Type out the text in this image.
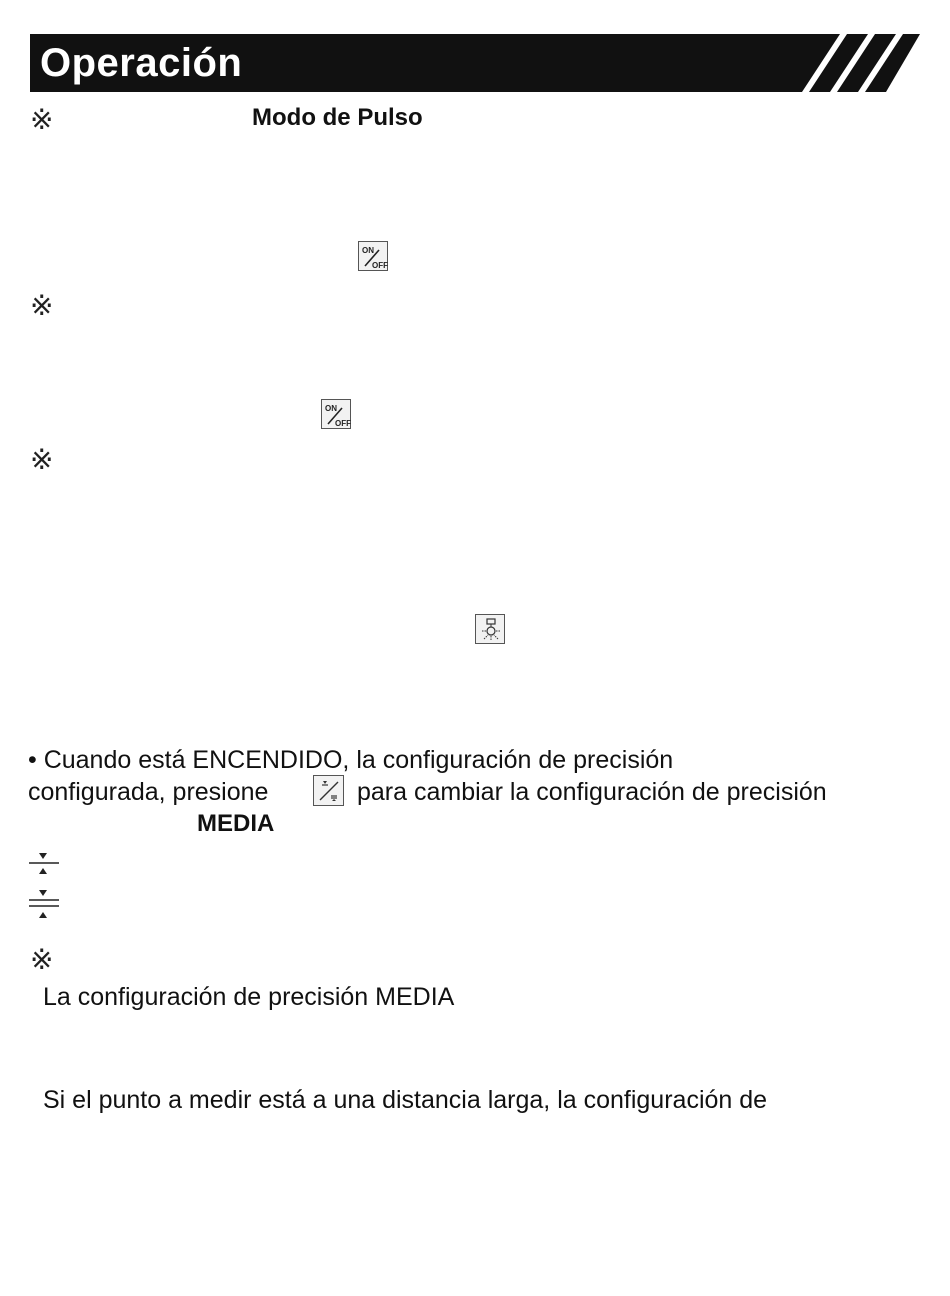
Operación
※	Modo de Pulso
ON
OFF
※
ON
OFF
※
• Cuando está ENCENDIDO, la configuración de precisión
configurada, presione	para cambiar la configuración de precisión
MEDIA
※
La configuración de precisión MEDIA
Si el punto a medir está a una distancia larga, la configuración de
